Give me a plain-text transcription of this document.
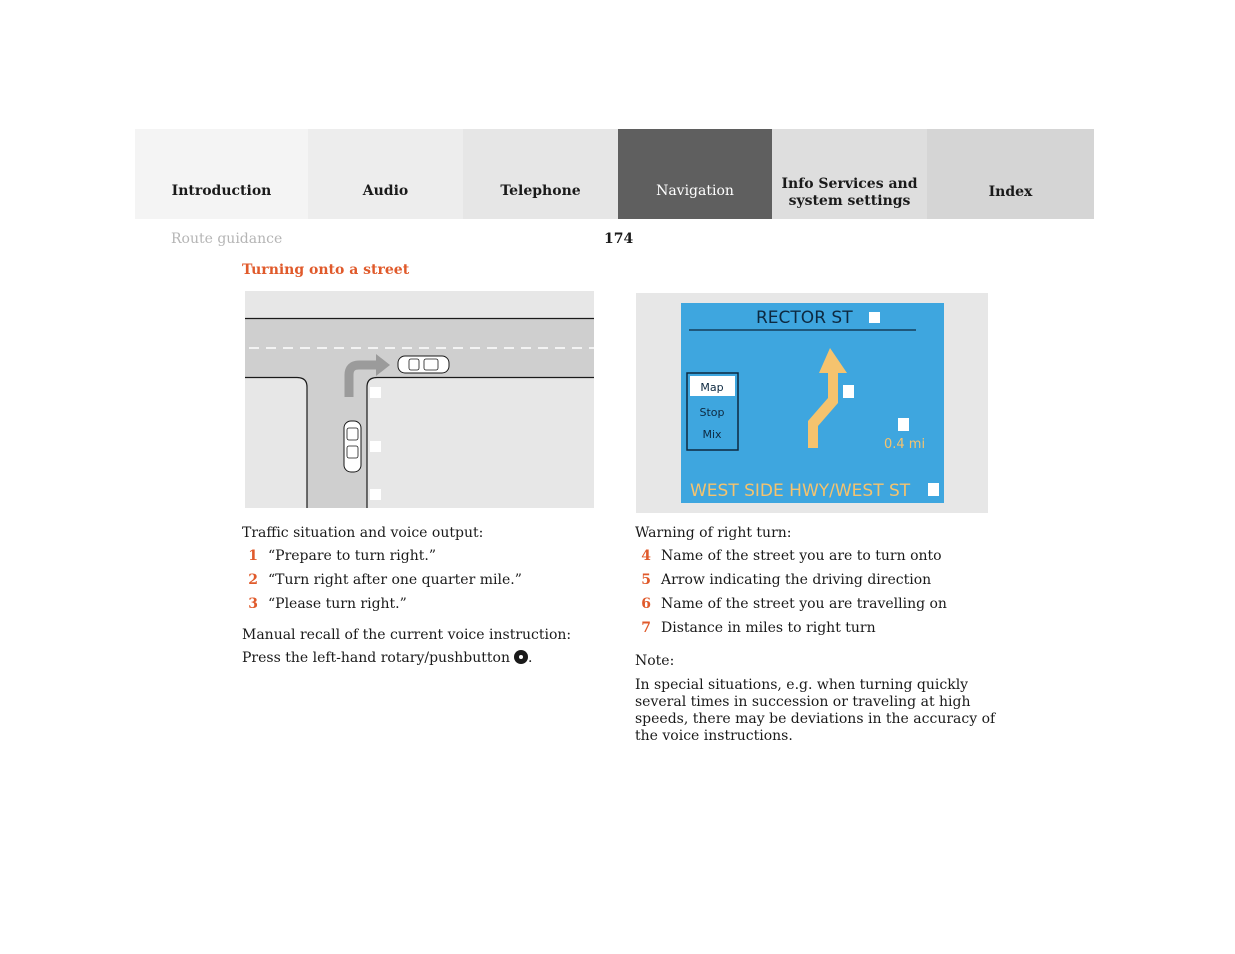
Introduction	Audio	Telephone	Navigation	Info Services and
system settings
Index
Route guidance	174
Turning onto a street
RECTOR ST
Map
Stop
Mix
0.4 mi
WEST SIDE HWY/WEST ST
Traffic situation and voice output:
1 “Prepare to turn right.”
2 “Turn right after one quarter mile.”
3 “Please turn right.”
Manual recall of the current voice instruction:
Press the left-hand rotary/pushbutton .
Warning of right turn:
4 Name of the street you are to turn onto
5 Arrow indicating the driving direction
6 Name of the street you are travelling on
7 Distance in miles to right turn
Note:
In special situations, e.g. when turning quickly several times in succession or traveling at high speeds, there may be deviations in the accuracy of the voice instructions.
